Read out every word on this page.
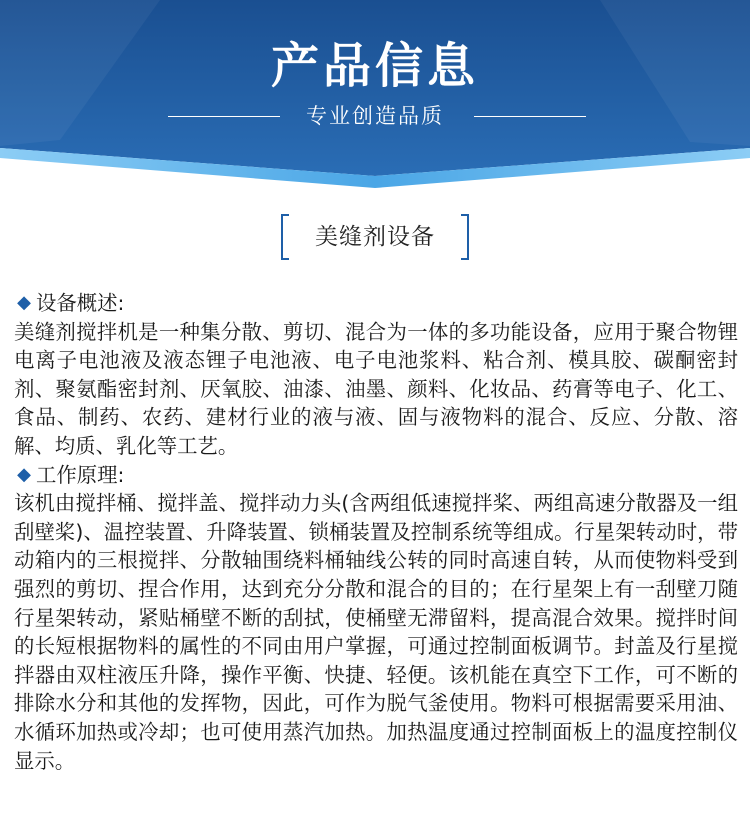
产品信息
专业创造品质
美缝剂设备
◆ 设备概述:

美缝剂搅拌机是一种集分散、剪切、混合为一体的多功能设备，应用于聚合物锂电离子电池液及液态锂子电池液、电子电池浆料、粘合剂、模具胶、碳酮密封剂、聚氨酯密封剂、厌氧胶、油漆、油墨、颜料、化妆品、药膏等电子、化工、食品、制药、农药、建材行业的液与液、固与液物料的混合、反应、分散、溶解、均质、乳化等工艺。

◆ 工作原理:

该机由搅拌桶、搅拌盖、搅拌动力头(含两组低速搅拌桨、两组高速分散器及一组刮壁桨)、温控装置、升降装置、锁桶装置及控制系统等组成。行星架转动时，带动箱内的三根搅拌、分散轴围绕料桶轴线公转的同时高速自转，从而使物料受到强烈的剪切、捏合作用，达到充分分散和混合的目的；在行星架上有一刮壁刀随行星架转动，紧贴桶壁不断的刮拭，使桶壁无滞留料，提高混合效果。搅拌时间的长短根据物料的属性的不同由用户掌握，可通过控制面板调节。封盖及行星搅拌器由双柱液压升降，操作平衡、快捷、轻便。该机能在真空下工作，可不断的排除水分和其他的发挥物，因此，可作为脱气釜使用。物料可根据需要采用油、水循环加热或冷却；也可使用蒸汽加热。加热温度通过控制面板上的温度控制仪显示。
